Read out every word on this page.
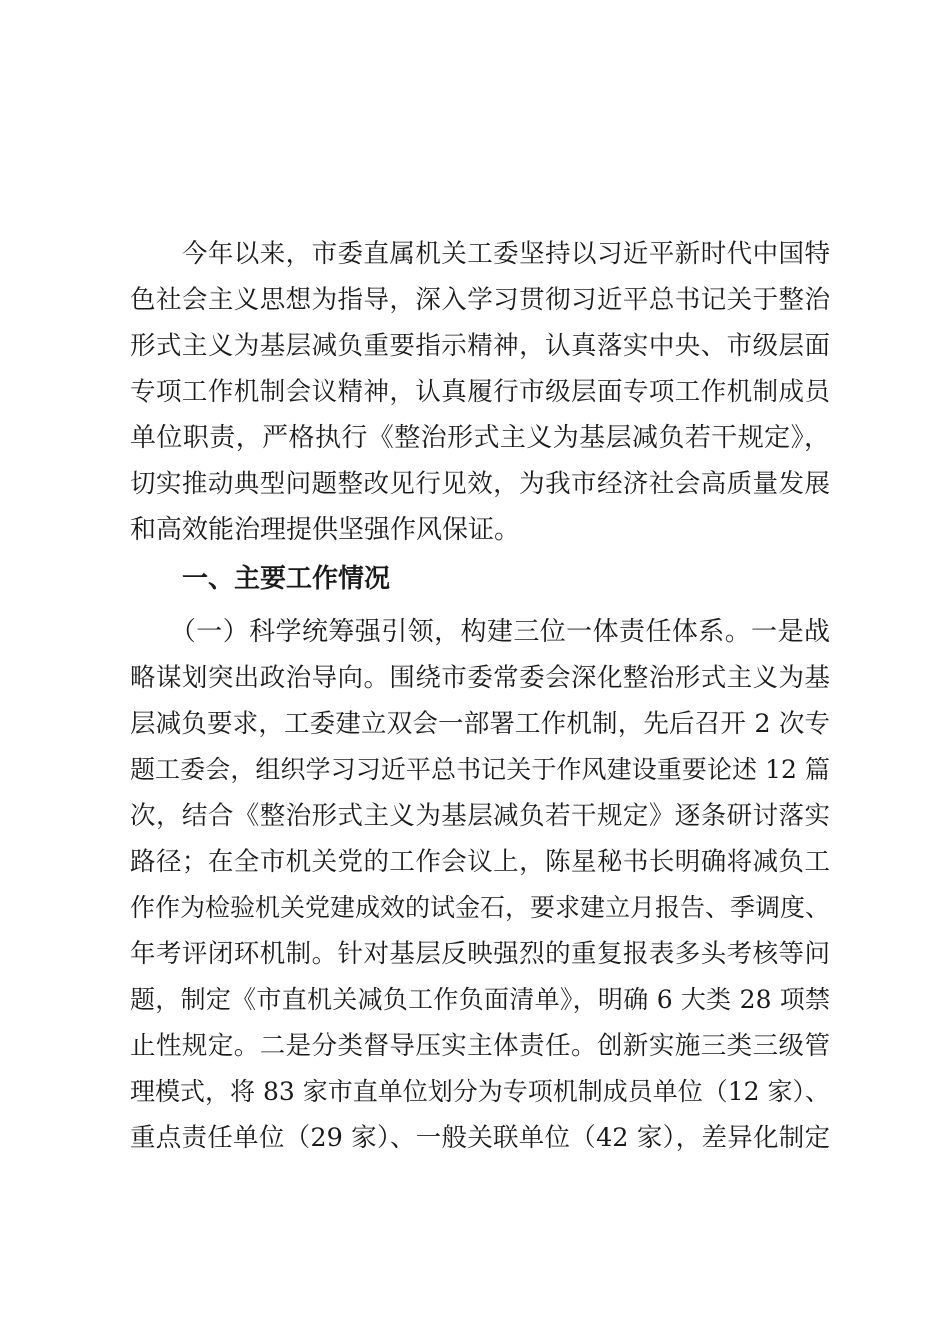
　　今年以来，市委直属机关工委坚持以习近平新时代中国特
色社会主义思想为指导，深入学习贯彻习近平总书记关于整治
形式主义为基层减负重要指示精神，认真落实中央、市级层面
专项工作机制会议精神，认真履行市级层面专项工作机制成员
单位职责，严格执行《整治形式主义为基层减负若干规定》，
切实推动典型问题整改见行见效，为我市经济社会高质量发展
和高效能治理提供坚强作风保证。
　　一、主要工作情况
　　（一）科学统筹强引领，构建三位一体责任体系。一是战
略谋划突出政治导向。围绕市委常委会深化整治形式主义为基
层减负要求，工委建立双会一部署工作机制，先后召开 2 次专
题工委会，组织学习习近平总书记关于作风建设重要论述 12 篇
次，结合《整治形式主义为基层减负若干规定》逐条研讨落实
路径；在全市机关党的工作会议上，陈星秘书长明确将减负工
作作为检验机关党建成效的试金石，要求建立月报告、季调度、
年考评闭环机制。针对基层反映强烈的重复报表多头考核等问
题，制定《市直机关减负工作负面清单》，明确 6 大类 28 项禁
止性规定。二是分类督导压实主体责任。创新实施三类三级管
理模式，将 83 家市直单位划分为专项机制成员单位（12 家）、
重点责任单位（29 家）、一般关联单位（42 家），差异化制定
